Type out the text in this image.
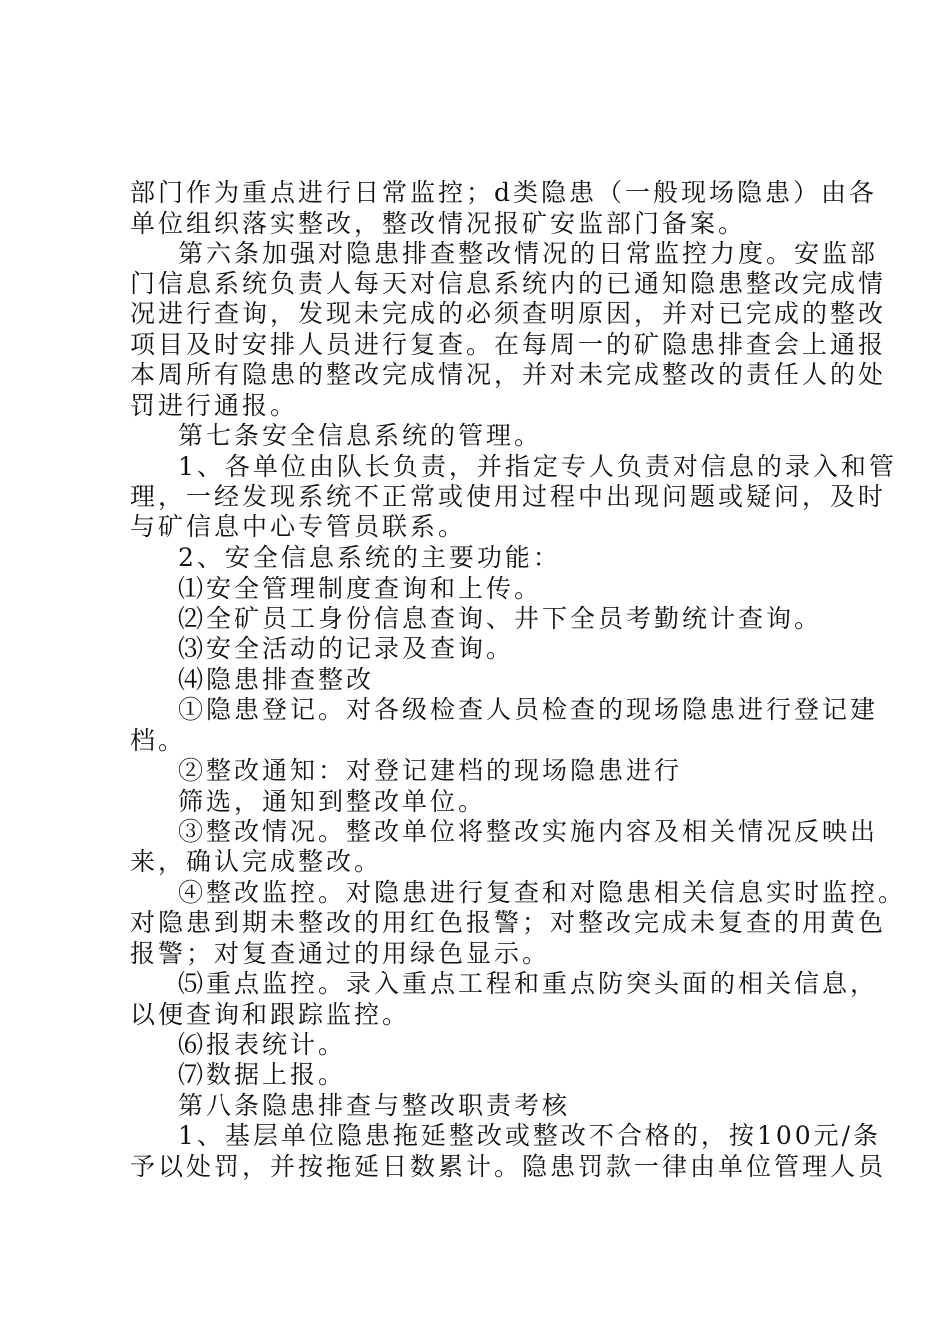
部门作为重点进行日常监控；d类隐患（一般现场隐患）由各
单位组织落实整改，整改情况报矿安监部门备案。
第六条加强对隐患排查整改情况的日常监控力度。安监部
门信息系统负责人每天对信息系统内的已通知隐患整改完成情
况进行查询，发现未完成的必须查明原因，并对已完成的整改
项目及时安排人员进行复查。在每周一的矿隐患排查会上通报
本周所有隐患的整改完成情况，并对未完成整改的责任人的处
罚进行通报。
第七条安全信息系统的管理。
1、各单位由队长负责，并指定专人负责对信息的录入和管
理，一经发现系统不正常或使用过程中出现问题或疑问，及时
与矿信息中心专管员联系。
2、安全信息系统的主要功能：
⑴安全管理制度查询和上传。
⑵全矿员工身份信息查询、井下全员考勤统计查询。
⑶安全活动的记录及查询。
⑷隐患排查整改
①隐患登记。对各级检查人员检查的现场隐患进行登记建
档。
②整改通知：对登记建档的现场隐患进行
筛选，通知到整改单位。
③整改情况。整改单位将整改实施内容及相关情况反映出
来，确认完成整改。
④整改监控。对隐患进行复查和对隐患相关信息实时监控。
对隐患到期未整改的用红色报警；对整改完成未复查的用黄色
报警；对复查通过的用绿色显示。
⑸重点监控。录入重点工程和重点防突头面的相关信息，
以便查询和跟踪监控。
⑹报表统计。
⑺数据上报。
第八条隐患排查与整改职责考核
1、基层单位隐患拖延整改或整改不合格的，按100元/条
予以处罚，并按拖延日数累计。隐患罚款一律由单位管理人员
